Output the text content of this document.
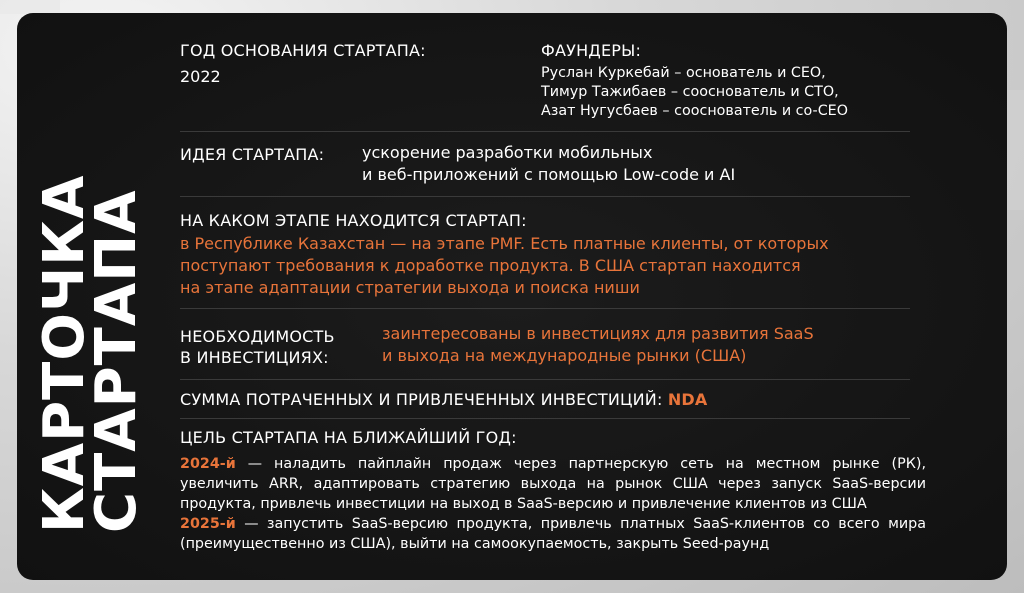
КАРТОЧКА
СТАРТАПА
ГОД ОСНОВАНИЯ СТАРТАПА:
2022
ФАУНДЕРЫ:
Руслан Куркебай – основатель и CEO,
Тимур Тажибаев – сооснователь и CTO,
Азат Нугусбаев – сооснователь и co-CEO
ИДЕЯ СТАРТАПА: ускорение разработки мобильных
и веб-приложений с помощью Low-code и AI
НА КАКОМ ЭТАПЕ НАХОДИТСЯ СТАРТАП:
в Республике Казахстан — на этапе PMF. Есть платные клиенты, от которых
поступают требования к доработке продукта. В США стартап находится
на этапе адаптации стратегии выхода и поиска ниши
НЕОБХОДИМОСТЬ
В ИНВЕСТИЦИЯХ:
заинтересованы в инвестициях для развития SaaS
и выхода на международные рынки (США)
СУММА ПОТРАЧЕННЫХ И ПРИВЛЕЧЕННЫХ ИНВЕСТИЦИЙ: NDA
ЦЕЛЬ СТАРТАПА НА БЛИЖАЙШИЙ ГОД:
2024-й — наладить пайплайн продаж через партнерскую сеть на местном рынке (РК), увеличить ARR, адаптировать стратегию выхода на рынок США через запуск SaaS-версии продукта, привлечь инвестиции на выход в SaaS-версию и привлечение клиентов из США
2025-й — запустить SaaS-версию продукта, привлечь платных SaaS-клиентов со всего мира (преимущественно из США), выйти на самоокупаемость, закрыть Seed-раунд
